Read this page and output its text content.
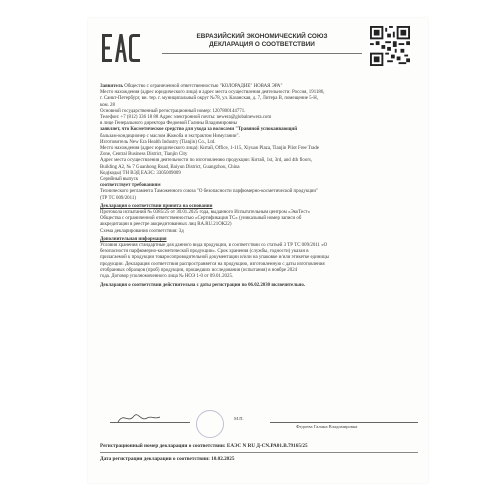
ЕВРАЗИЙСКИЙ ЭКОНОМИЧЕСКИЙ СОЮЗ
ДЕКЛАРАЦИЯ О СООТВЕТСТВИИ

Заявитель Общество с ограниченной ответственностью "КОЛОРАДИЕ" НОВАЯ ЭРА"

Место нахождения (адрес юридического лица) и адрес места осуществления деятельности: Россия, 191186,

г. Санкт-Петербург, вн. тер. г. муниципальный округ №78, ул. Казанская, д. 7, Литера В, помещение 5-Н,

ком. 28

Основной государственный регистрационный номер: 1207800144771.

Телефон: +7 (812) 336 18 88 Адрес электронной почты: newera@globalnewera.com

в лице Генерального директора Федоевой Галины Владимировны

заявляет, что Косметическое средство для ухода за волосами "Травяной успокаивающий

бальзам-кондиционер с маслом Жожоба и экстрактом Нимугании".

Изготовитель New Era Health Industry (Tianjin) Co., Ltd.

Место нахождения (адрес юридического лица): Китай, Office, 1-115, Xiyuan Plaza, Tianjin Pilot Free Trade

Zone, Central Business District, Tianjin City

Адрес места осуществления деятельности по изготовлению продукции: Китай, 1st, 3rd, and 4th floors,

Building A2, № 7 Guanhong Road, Baiyun District, Guangzhou, China

Код(коды) ТН ВЭД ЕАЭС: 3305009009

Серийный выпуск

соответствует требованиям

Технического регламента Таможенного союза "О безопасности парфюмерно-косметической продукции"

(ТР ТС 009/2011)

Декларация о соответствии принята на основании

Протокола испытаний № 0385/25 от 30.01.2025 года, выданного Испытательным центром «ЭкоТест»

Общества с ограниченной ответственностью «Сертификация ТС» (уникальный номер записи об

аккредитации в реестре аккредитованных лиц RA.RU.21ОК22)

Схема декларирования соответствия: 3д

Дополнительная информация

Условия хранения стандартные для данного вида продукции, в соответствии со статьей 3 ТР ТС 009/2011 «О

безопасности парфюмерно-косметической продукции». Срок хранения (службы, годности) указан в

прилагаемой к продукции товаросопроводительной документации и/или на упаковке и/или этикетке единицы

продукции. Декларация соответствия распространяется на продукцию, изготовленную с даты изготовления

отобранных образцов (проб) продукции, прошедших исследования (испытания) в ноябре 2024

года. Договор уполномоченного лица № НОЭ 1-0 от 09.01.2025.

Декларация о соответствии действительна с даты регистрации по 06.02.2030 включительно.

М.П.
Федоева Галина Владимировна
Регистрационный номер декларации о соответствии: ЕАЭС N RU Д-CN.РА01.В.79165/25
Дата регистрации декларации о соответствии: 10.02.2025
